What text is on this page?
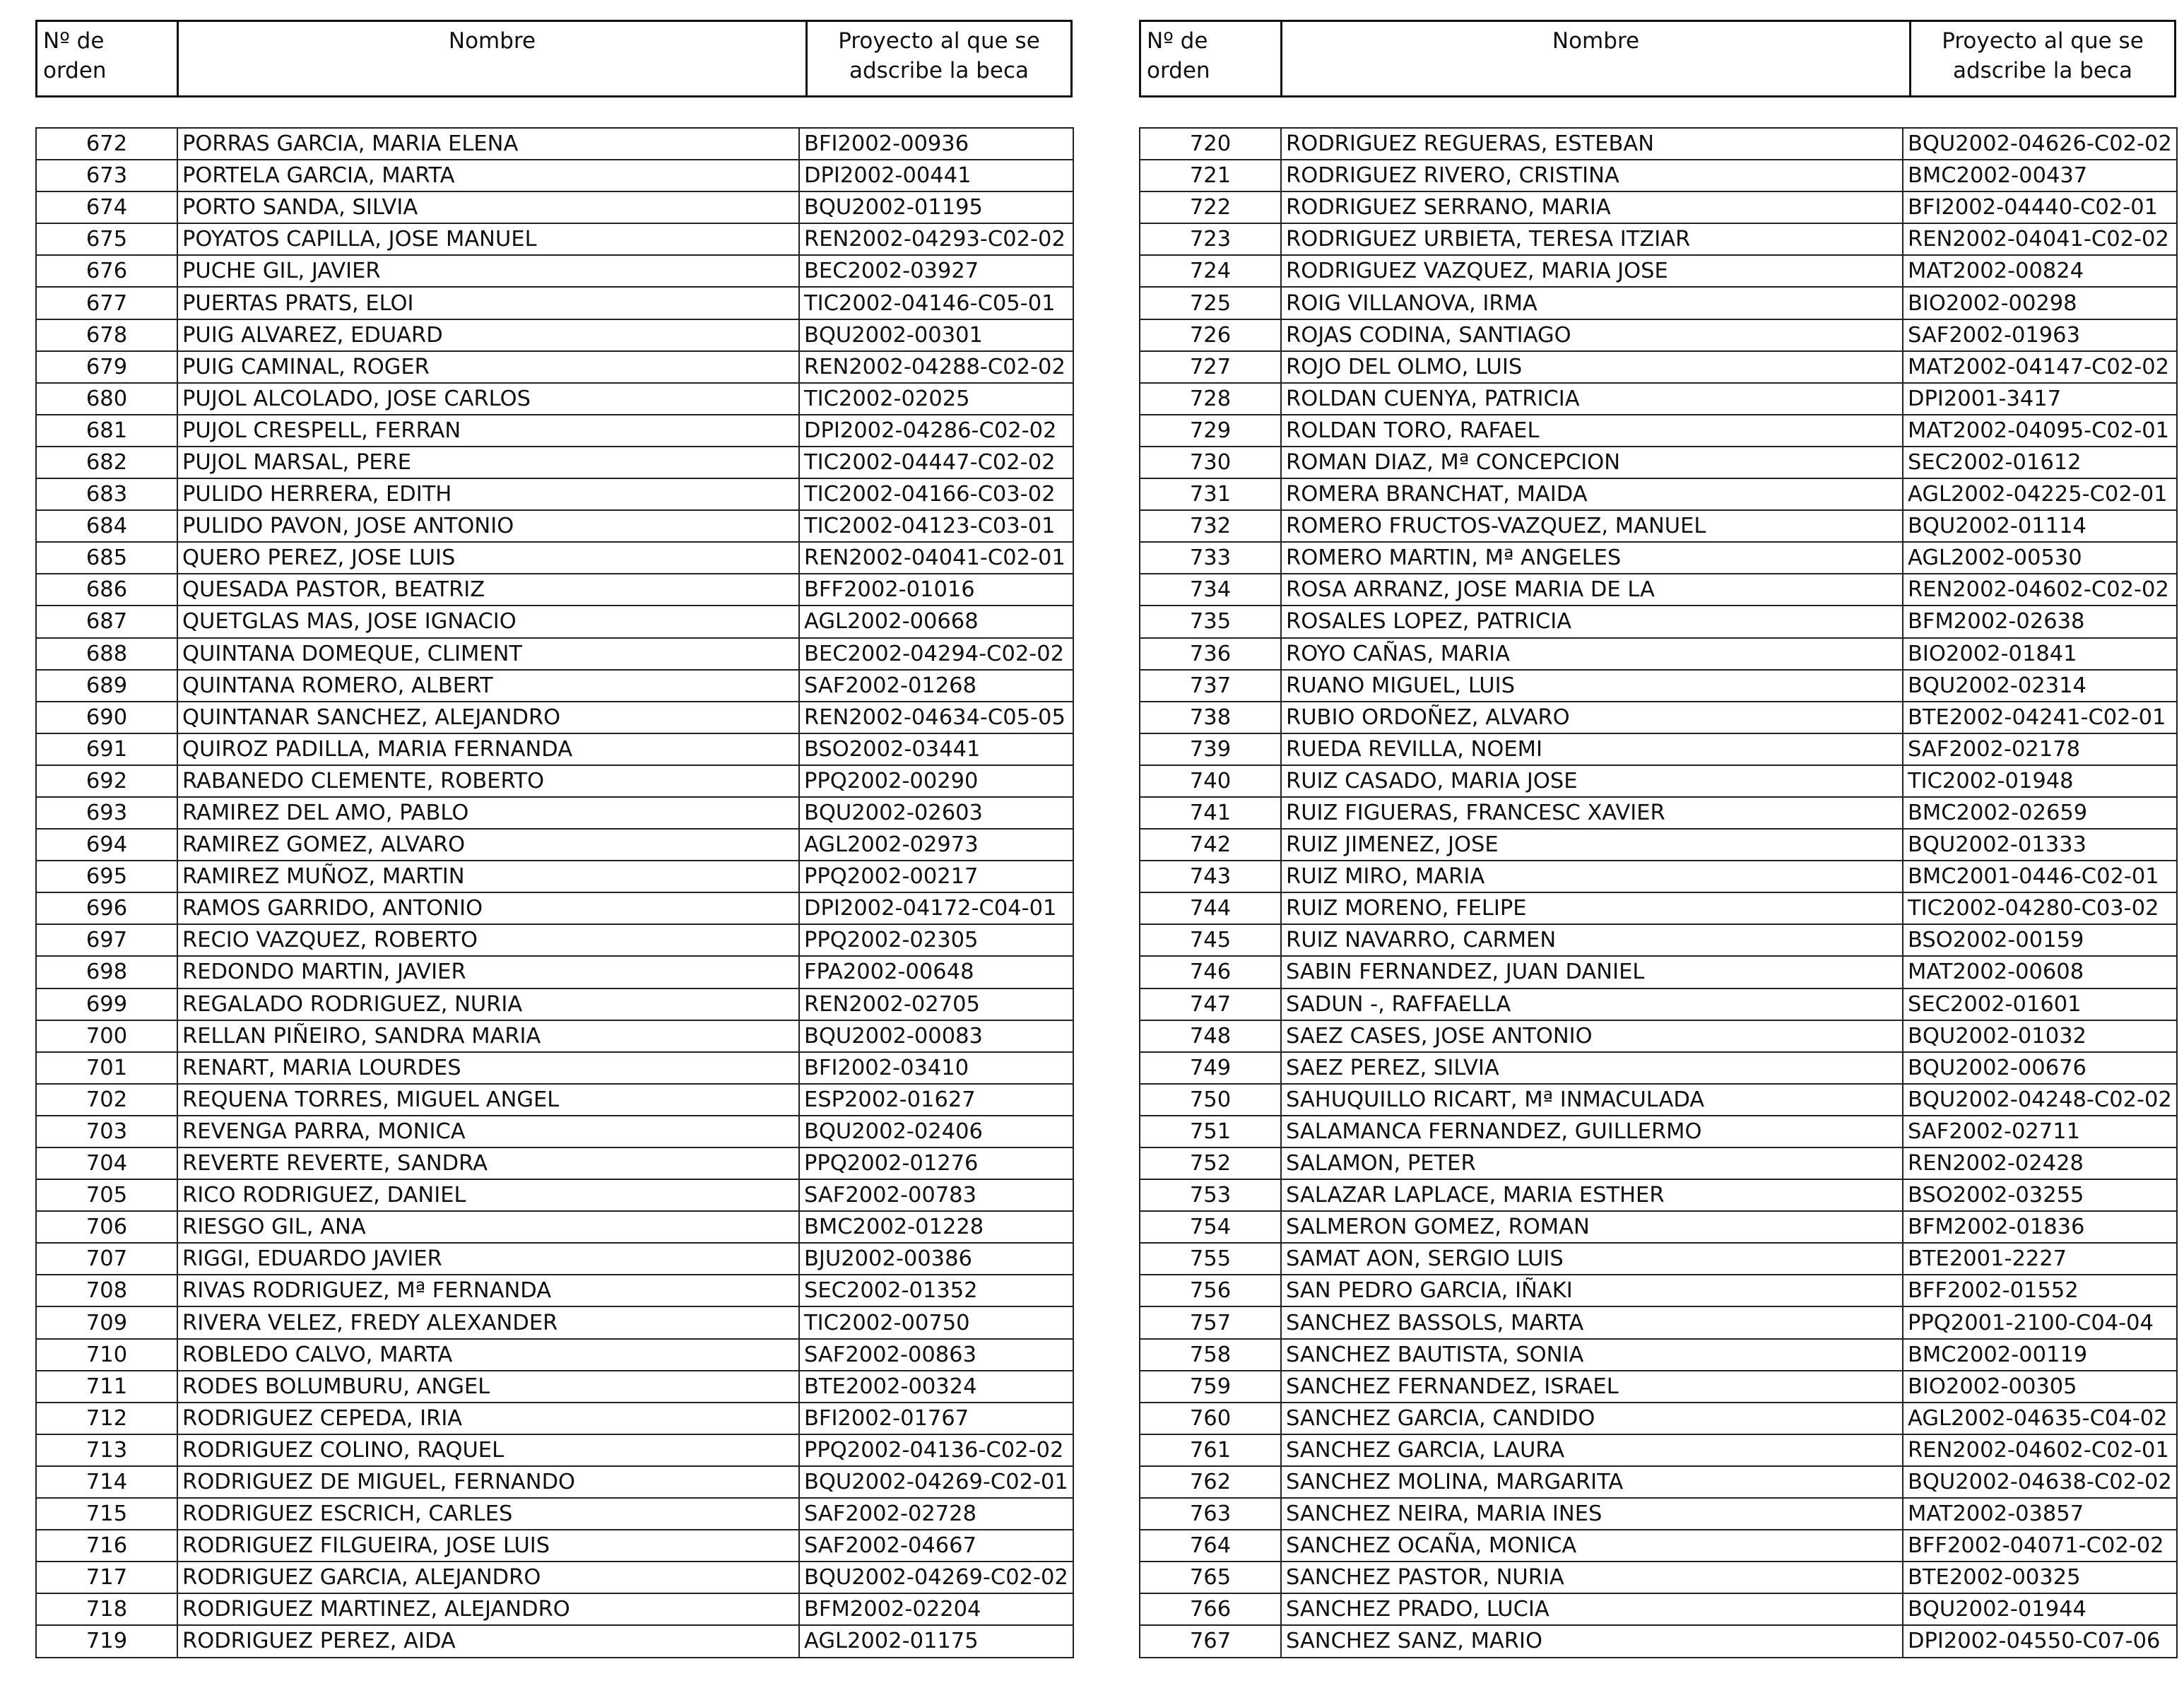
Nº de orden	Nombre	Proyecto al que se
adscribe la beca
672	PORRAS GARCIA, MARIA ELENA	BFI2002-00936
673	PORTELA GARCIA, MARTA	DPI2002-00441
674	PORTO SANDA, SILVIA	BQU2002-01195
675	POYATOS CAPILLA, JOSE MANUEL	REN2002-04293-C02-02
676	PUCHE GIL, JAVIER	BEC2002-03927
677	PUERTAS PRATS, ELOI	TIC2002-04146-C05-01
678	PUIG ALVAREZ, EDUARD	BQU2002-00301
679	PUIG CAMINAL, ROGER	REN2002-04288-C02-02
680	PUJOL ALCOLADO, JOSE CARLOS	TIC2002-02025
681	PUJOL CRESPELL, FERRAN	DPI2002-04286-C02-02
682	PUJOL MARSAL, PERE	TIC2002-04447-C02-02
683	PULIDO HERRERA, EDITH	TIC2002-04166-C03-02
684	PULIDO PAVON, JOSE ANTONIO	TIC2002-04123-C03-01
685	QUERO PEREZ, JOSE LUIS	REN2002-04041-C02-01
686	QUESADA PASTOR, BEATRIZ	BFF2002-01016
687	QUETGLAS MAS, JOSE IGNACIO	AGL2002-00668
688	QUINTANA DOMEQUE, CLIMENT	BEC2002-04294-C02-02
689	QUINTANA ROMERO, ALBERT	SAF2002-01268
690	QUINTANAR SANCHEZ, ALEJANDRO	REN2002-04634-C05-05
691	QUIROZ PADILLA, MARIA FERNANDA	BSO2002-03441
692	RABANEDO CLEMENTE, ROBERTO	PPQ2002-00290
693	RAMIREZ DEL AMO, PABLO	BQU2002-02603
694	RAMIREZ GOMEZ, ALVARO	AGL2002-02973
695	RAMIREZ MUÑOZ, MARTIN	PPQ2002-00217
696	RAMOS GARRIDO, ANTONIO	DPI2002-04172-C04-01
697	RECIO VAZQUEZ, ROBERTO	PPQ2002-02305
698	REDONDO MARTIN, JAVIER	FPA2002-00648
699	REGALADO RODRIGUEZ, NURIA	REN2002-02705
700	RELLAN PIÑEIRO, SANDRA MARIA	BQU2002-00083
701	RENART, MARIA LOURDES	BFI2002-03410
702	REQUENA TORRES, MIGUEL ANGEL	ESP2002-01627
703	REVENGA PARRA, MONICA	BQU2002-02406
704	REVERTE REVERTE, SANDRA	PPQ2002-01276
705	RICO RODRIGUEZ, DANIEL	SAF2002-00783
706	RIESGO GIL, ANA	BMC2002-01228
707	RIGGI, EDUARDO JAVIER	BJU2002-00386
708	RIVAS RODRIGUEZ, Mª FERNANDA	SEC2002-01352
709	RIVERA VELEZ, FREDY ALEXANDER	TIC2002-00750
710	ROBLEDO CALVO, MARTA	SAF2002-00863
711	RODES BOLUMBURU, ANGEL	BTE2002-00324
712	RODRIGUEZ CEPEDA, IRIA	BFI2002-01767
713	RODRIGUEZ COLINO, RAQUEL	PPQ2002-04136-C02-02
714	RODRIGUEZ DE MIGUEL, FERNANDO	BQU2002-04269-C02-01
715	RODRIGUEZ ESCRICH, CARLES	SAF2002-02728
716	RODRIGUEZ FILGUEIRA, JOSE LUIS	SAF2002-04667
717	RODRIGUEZ GARCIA, ALEJANDRO	BQU2002-04269-C02-02
718	RODRIGUEZ MARTINEZ, ALEJANDRO	BFM2002-02204
719	RODRIGUEZ PEREZ, AIDA	AGL2002-01175
Nº de orden	Nombre	Proyecto al que se
adscribe la beca
720	RODRIGUEZ REGUERAS, ESTEBAN	BQU2002-04626-C02-02
721	RODRIGUEZ RIVERO, CRISTINA	BMC2002-00437
722	RODRIGUEZ SERRANO, MARIA	BFI2002-04440-C02-01
723	RODRIGUEZ URBIETA, TERESA ITZIAR	REN2002-04041-C02-02
724	RODRIGUEZ VAZQUEZ, MARIA JOSE	MAT2002-00824
725	ROIG VILLANOVA, IRMA	BIO2002-00298
726	ROJAS CODINA, SANTIAGO	SAF2002-01963
727	ROJO DEL OLMO, LUIS	MAT2002-04147-C02-02
728	ROLDAN CUENYA, PATRICIA	DPI2001-3417
729	ROLDAN TORO, RAFAEL	MAT2002-04095-C02-01
730	ROMAN DIAZ, Mª CONCEPCION	SEC2002-01612
731	ROMERA BRANCHAT, MAIDA	AGL2002-04225-C02-01
732	ROMERO FRUCTOS-VAZQUEZ, MANUEL	BQU2002-01114
733	ROMERO MARTIN, Mª ANGELES	AGL2002-00530
734	ROSA ARRANZ, JOSE MARIA DE LA	REN2002-04602-C02-02
735	ROSALES LOPEZ, PATRICIA	BFM2002-02638
736	ROYO CAÑAS, MARIA	BIO2002-01841
737	RUANO MIGUEL, LUIS	BQU2002-02314
738	RUBIO ORDOÑEZ, ALVARO	BTE2002-04241-C02-01
739	RUEDA REVILLA, NOEMI	SAF2002-02178
740	RUIZ CASADO, MARIA JOSE	TIC2002-01948
741	RUIZ FIGUERAS, FRANCESC XAVIER	BMC2002-02659
742	RUIZ JIMENEZ, JOSE	BQU2002-01333
743	RUIZ MIRO, MARIA	BMC2001-0446-C02-01
744	RUIZ MORENO, FELIPE	TIC2002-04280-C03-02
745	RUIZ NAVARRO, CARMEN	BSO2002-00159
746	SABIN FERNANDEZ, JUAN DANIEL	MAT2002-00608
747	SADUN -, RAFFAELLA	SEC2002-01601
748	SAEZ CASES, JOSE ANTONIO	BQU2002-01032
749	SAEZ PEREZ, SILVIA	BQU2002-00676
750	SAHUQUILLO RICART, Mª INMACULADA	BQU2002-04248-C02-02
751	SALAMANCA FERNANDEZ, GUILLERMO	SAF2002-02711
752	SALAMON, PETER	REN2002-02428
753	SALAZAR LAPLACE, MARIA ESTHER	BSO2002-03255
754	SALMERON GOMEZ, ROMAN	BFM2002-01836
755	SAMAT AON, SERGIO LUIS	BTE2001-2227
756	SAN PEDRO GARCIA, IÑAKI	BFF2002-01552
757	SANCHEZ BASSOLS, MARTA	PPQ2001-2100-C04-04
758	SANCHEZ BAUTISTA, SONIA	BMC2002-00119
759	SANCHEZ FERNANDEZ, ISRAEL	BIO2002-00305
760	SANCHEZ GARCIA, CANDIDO	AGL2002-04635-C04-02
761	SANCHEZ GARCIA, LAURA	REN2002-04602-C02-01
762	SANCHEZ MOLINA, MARGARITA	BQU2002-04638-C02-02
763	SANCHEZ NEIRA, MARIA INES	MAT2002-03857
764	SANCHEZ OCAÑA, MONICA	BFF2002-04071-C02-02
765	SANCHEZ PASTOR, NURIA	BTE2002-00325
766	SANCHEZ PRADO, LUCIA	BQU2002-01944
767	SANCHEZ SANZ, MARIO	DPI2002-04550-C07-06
